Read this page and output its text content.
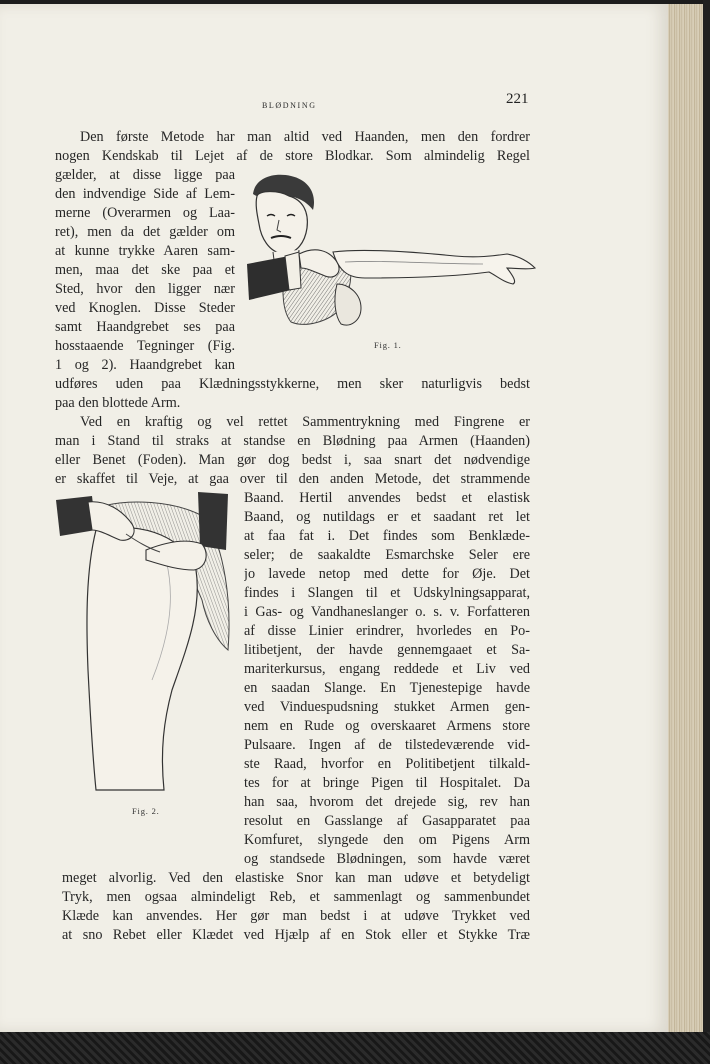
BLØDNING	221
Fig. 1.
Fig. 2.
Den første Metode har man altid ved Haanden, men den fordrer
nogen Kendskab til Lejet af de store Blodkar. Som almindelig Regel
gælder, at disse ligge paa
den indvendige Side af Lem-
merne (Overarmen og Laa-
ret), men da det gælder om
at kunne trykke Aaren sam-
men, maa det ske paa et
Sted, hvor den ligger nær
ved Knoglen. Disse Steder
samt Haandgrebet ses paa
hosstaaende Tegninger (Fig.
1 og 2). Haandgrebet kan
udføres uden paa Klædningsstykkerne, men sker naturligvis bedst
paa den blottede Arm.
Ved en kraftig og vel rettet Sammentrykning med Fingrene er
man i Stand til straks at standse en Blødning paa Armen (Haanden)
eller Benet (Foden). Man gør dog bedst i, saa snart det nødvendige
er skaffet til Veje, at gaa over til den anden Metode, det strammende
Baand. Hertil anvendes bedst et elastisk
Baand, og nutildags er et saadant ret let
at faa fat i. Det findes som Benklæde-
seler; de saakaldte Esmarchske Seler ere
jo lavede netop med dette for Øje. Det
findes i Slangen til et Udskylningsapparat,
i Gas- og Vandhaneslanger o. s. v. Forfatteren
af disse Linier erindrer, hvorledes en Po-
litibetjent, der havde gennemgaaet et Sa-
mariterkursus, engang reddede et Liv ved
en saadan Slange. En Tjenestepige havde
ved Vinduespudsning stukket Armen gen-
nem en Rude og overskaaret Armens store
Pulsaare. Ingen af de tilstedeværende vid-
ste Raad, hvorfor en Politibetjent tilkald-
tes for at bringe Pigen til Hospitalet. Da
han saa, hvorom det drejede sig, rev han
resolut en Gasslange af Gasapparatet paa
Komfuret, slyngede den om Pigens Arm
og standsede Blødningen, som havde været
meget alvorlig. Ved den elastiske Snor kan man udøve et betydeligt
Tryk, men ogsaa almindeligt Reb, et sammenlagt og sammenbundet
Klæde kan anvendes. Her gør man bedst i at udøve Trykket ved
at sno Rebet eller Klædet ved Hjælp af en Stok eller et Stykke Træ
